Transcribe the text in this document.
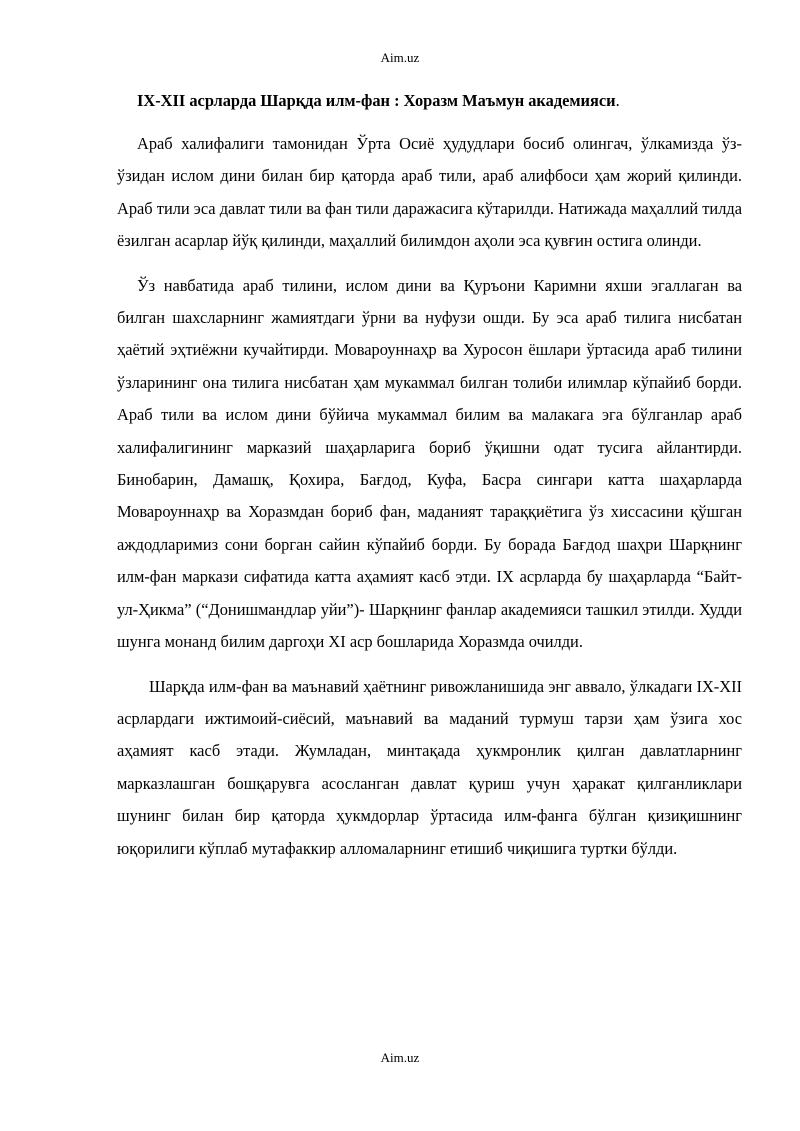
Aim.uz
IX-XII асрларда Шарқда илм-фан : Хоразм Маъмун академияси.

Араб халифалиги тамонидан Ўрта Осиё ҳудудлари босиб олингач, ўлкамизда ўз-ўзидан ислом дини билан бир қаторда араб тили, араб алифбоси ҳам жорий қилинди. Араб тили эса давлат тили ва фан тили даражасига кўтарилди. Натижада маҳаллий тилда ёзилган асарлар йўқ қилинди, маҳаллий билимдон аҳоли эса қувғин остига олинди.

Ўз навбатида араб тилини, ислом дини ва Қуръони Каримни яхши эгаллаган ва билган шахсларнинг жамиятдаги ўрни ва нуфузи ошди. Бу эса араб тилига нисбатан ҳаётий эҳтиёжни кучайтирди. Мовароуннаҳр ва Хуросон ёшлари ўртасида араб тилини ўзларининг она тилига нисбатан ҳам мукаммал билган толиби илимлар кўпайиб борди. Араб тили ва ислом дини бўйича мукаммал билим ва малакага эга бўлганлар араб халифалигининг марказий шаҳарларига бориб ўқишни одат тусига айлантирди. Бинобарин, Дамашқ, Қохира, Бағдод, Куфа, Басра сингари катта шаҳарларда Мовароуннаҳр ва Хоразмдан бориб фан, маданият тараққиётига ўз хиссасини қўшган аждодларимиз сони борган сайин кўпайиб борди. Бу борада Бағдод шаҳри Шарқнинг илм-фан маркази сифатида катта аҳамият касб этди. IX асрларда бу шаҳарларда “Байт-ул-Ҳикма” (“Донишмандлар уйи”)- Шарқнинг фанлар академияси ташкил этилди. Худди шунга монанд билим даргоҳи XI аср бошларида Хоразмда очилди.

Шарқда илм-фан ва маънавий ҳаётнинг ривожланишида энг аввало, ўлкадаги IX-XII асрлардаги ижтимоий-сиёсий, маънавий ва маданий турмуш тарзи ҳам ўзига хос аҳамият касб этади. Жумладан, минтақада ҳукмронлик қилган давлатларнинг марказлашган бошқарувга асосланган давлат қуриш учун ҳаракат қилганликлари шунинг билан бир қаторда ҳукмдорлар ўртасида илм-фанга бўлган қизиқишнинг юқорилиги кўплаб мутафаккир алломаларнинг етишиб чиқишига туртки бўлди.

Aim.uz
